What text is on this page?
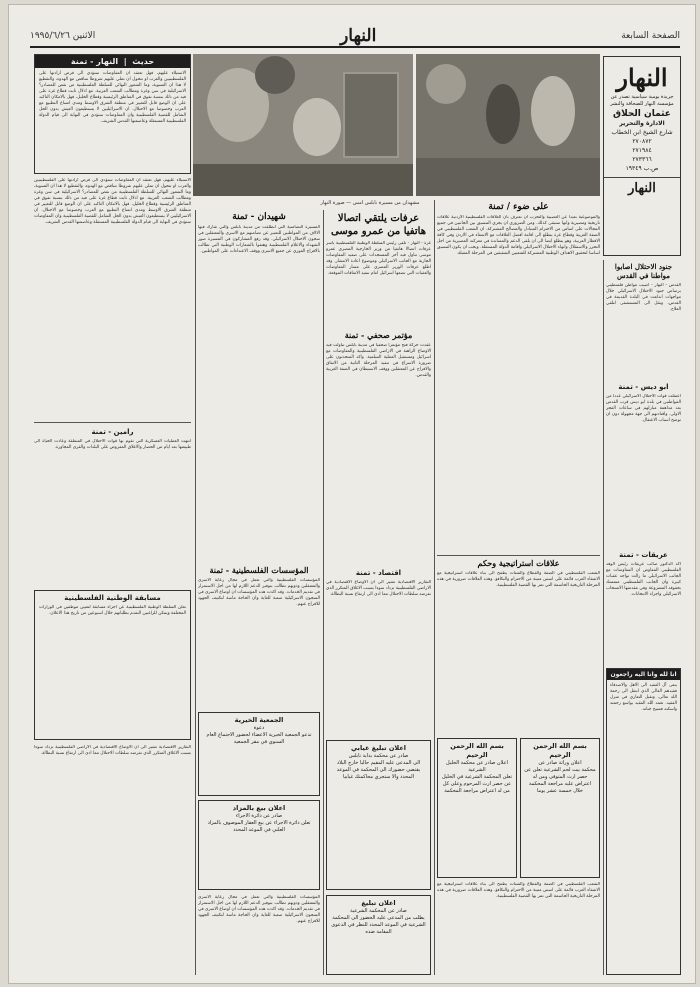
الصفحة السابعة
النهار
الاثنين ١٩٩٥/٦/٢٦
النهار
جريدة يومية سياسية تصدر عن مؤسسة النهار للصحافة والنشر
عثمان الحلاق
الادارة والتحرير
شارع الشيخ ابن الخطاب
٢٧٠٨٧٢
٢٧١٩٨٤
٢٧٣٣٦٦
ص.ب ١٩٣٤٩
النهار
مشهدان من مسيرة نابلس امس — صورة النهار
حديث  |  النهار - تمنة
الاستيلاء عليهم، فهل تعتقد ان المفاوضات ستؤدي الى فرض ارادتها على الفلسطينيين والعرب او تتحول ان تملي عليهم شروطا تتناقض مع الهدوء، والتقطيع لا هذا ان التسوية، وما الشعور النهائي للسلطة الفلسطينية من نقص للمصادر؟ الاسرائيلية في سن وغزة ومطالب الشعب العربية. مع اذلال ثابت قطاع غزة على فيه من ذلك بنسبة تفوق في المناطق الرئيسية وقطاع الخليل، فهل بالامكان التاكيد على ان الوضع قابل للتغيير في منطقة الشرق الاوسط ومدى اتساع التطبيع مع العرب وخصوصا مع الاحتلال. ان الاسرائيليين لا يستطيعون العيش بدون الحل الشامل للقضية الفلسطينية وان المفاوضات ستؤدي في النهاية الى قيام الدولة الفلسطينية المستقلة وعاصمتها القدس الشريف.
الاستيلاء عليهم، فهل تعتقد ان المفاوضات ستؤدي الى فرض ارادتها على الفلسطينيين والعرب او تتحول ان تملي عليهم شروطا تتناقض مع الهدوء، والتقطيع لا هذا ان التسوية، وما الشعور النهائي للسلطة الفلسطينية من نقص للمصادر؟ الاسرائيلية في سن وغزة ومطالب الشعب العربية. مع اذلال ثابت قطاع غزة على فيه من ذلك بنسبة تفوق في المناطق الرئيسية وقطاع الخليل، فهل بالامكان التاكيد على ان الوضع قابل للتغيير في منطقة الشرق الاوسط ومدى اتساع التطبيع مع العرب وخصوصا مع الاحتلال. ان الاسرائيليين لا يستطيعون العيش بدون الحل الشامل للقضية الفلسطينية وان المفاوضات ستؤدي في النهاية الى قيام الدولة الفلسطينية المستقلة وعاصمتها القدس الشريف.
رامين - تمنة
انتهت العمليات العسكرية التي تقوم بها قوات الاحتلال في المنطقة وعادت الحياة الى طبيعتها بعد ايام من الحصار والاغلاق المفروض على البلدات والقرى المجاورة.
مسابقة الوطنية الفلسطينية
تعلن السلطة الوطنية الفلسطينية عن اجراء مسابقة لتعيين موظفين في الوزارات المختلفة ويمكن للراغبين التقدم بطلباتهم خلال اسبوعين من تاريخ هذا الاعلان.
التقارير الاقتصادية تشير الى ان الاوضاع الاقتصادية في الاراضي الفلسطينية تزداد سوءا بسبب الاغلاق المتكرر الذي تفرضه سلطات الاحتلال مما ادى الى ارتفاع نسبة البطالة.
شهيدان - تمنة
المسيرة التضامنية التي انطلقت من مدينة نابلس والتي شارك فيها الالاف من المواطنين للتعبير عن تضامنهم مع الاسرى والمعتقلين في سجون الاحتلال الاسرائيلي. وقد رفع المشاركون في المسيرة صور الشهداء والاعلام الفلسطينية وهتفوا بالشعارات الوطنية التي تطالب بالافراج الفوري عن جميع الاسرى ووقف الاعتداءات على المواطنين.
المؤسسات الفلسطينية - تمنة
المؤسسات الفلسطينية والتي تعمل في مجال رعاية الاسرى والمعتقلين وذويهم تطالب بتوفير الدعم اللازم لها من اجل الاستمرار في تقديم الخدمات. وقد اكدت هذه المؤسسات ان اوضاع الاسرى في السجون الاسرائيلية صعبة للغاية وان الحاجة ماسة لتكثيف الجهود للافراج عنهم.
الجمعية الخيرية
دعوة
تدعو الجمعية الخيرية الاعضاء لحضور الاجتماع العام السنوي في مقر الجمعية
اعلان بيع بالمزاد
صادر عن دائرة الاجراء
تعلن دائرة الاجراء عن بيع العقار الموصوف بالمزاد العلني في الموعد المحدد
المؤسسات الفلسطينية والتي تعمل في مجال رعاية الاسرى والمعتقلين وذويهم تطالب بتوفير الدعم اللازم لها من اجل الاستمرار في تقديم الخدمات. وقد اكدت هذه المؤسسات ان اوضاع الاسرى في السجون الاسرائيلية صعبة للغاية وان الحاجة ماسة لتكثيف الجهود للافراج عنهم.
عرفات يلتقي اتصالا هاتفيا من عمرو موسى
غزة - النهار - تلقى رئيس السلطة الوطنية الفلسطينية ياسر عرفات اتصالا هاتفيا من وزير الخارجية المصري عمرو موسى تناول فيه آخر المستجدات على صعيد المفاوضات الجارية مع الجانب الاسرائيلي وموضوع اعادة الانتشار. وقد اطلع عرفات الوزير المصري على مسار المفاوضات والعقبات التي تضعها اسرائيل امام تنفيذ الاتفاقات الموقعة.
مؤتمر صحفي - تمنة
عقدت حركة فتح مؤتمرا صحفيا في مدينة نابلس تناولت فيه الاوضاع الراهنة في الاراضي الفلسطينية والمفاوضات مع اسرائيل ومستقبل العملية السلمية. واكد المتحدثون على ضرورة الاسراع في تنفيذ المرحلة الثانية من الاتفاق والافراج عن المعتقلين ووقف الاستيطان في الضفة الغربية والقدس.
اقتصاد - تمنة
التقارير الاقتصادية تشير الى ان الاوضاع الاقتصادية في الاراضي الفلسطينية تزداد سوءا بسبب الاغلاق المتكرر الذي تفرضه سلطات الاحتلال مما ادى الى ارتفاع نسبة البطالة.
اعلان تبليغ غيابي
صادر عن محكمة بداية نابلس
الى المدعى عليه المقيم حاليا خارج البلاد يقتضي حضورك الى المحكمة في الموعد المحدد والا ستجري محاكمتك غيابيا
اعلان تبليغ
صادر عن المحكمة الشرعية
يطلب من المدعى عليه الحضور الى المحكمة الشرعية في الموعد المحدد للنظر في الدعوى المقامة ضده
على ضوء / تمنة
والموضوعية بعيدا عن العصبية والتحزب ان نعترف بان العلاقات الفلسطينية الاردنية علاقات تاريخية ومصيرية وانها ستبقى كذلك. ومن الضروري ان يجري التنسيق بين الجانبين في جميع المجالات على اساس من الاحترام المتبادل والمصالح المشتركة. ان الشعب الفلسطيني في الضفة الغربية وقطاع غزة يتطلع الى اقامة افضل العلاقات مع الاشقاء في الاردن وفي كافة الاقطار العربية، وهو يتطلع ايضا الى ان يلقى الدعم والمساندة في معركته المصيرية من اجل التحرر والاستقلال وانهاء الاحتلال الاسرائيلي واقامة الدولة المستقلة. ويجب ان يكون التنسيق اساسا لتحقيق الاهداف الوطنية المشتركة للشعبين الشقيقين في المرحلة المقبلة.
علاقات استراتيجية وحكم
الشعب الفلسطيني في الضفة والقطاع والشتات يطمح الى بناء علاقات استراتيجية مع الاشقاء العرب قائمة على اسس متينة من الاحترام والتكافؤ. وهذه العلاقات ضرورية في هذه المرحلة التاريخية الحاسمة التي تمر بها القضية الفلسطينية.
بسم الله الرحمن الرحيم
اعلان صادر عن محكمة الخليل الشرعية
تعلن المحكمة الشرعية في الخليل عن حصر ارث المرحوم وعلى كل من له اعتراض مراجعة المحكمة
بسم الله الرحمن الرحيم
اعلان وراثة صادر عن
محكمة بيت لحم الشرعية تعلن عن حصر ارث المتوفى ومن له اعتراض عليه مراجعة المحكمة خلال خمسة عشر يوما
الشعب الفلسطيني في الضفة والقطاع والشتات يطمح الى بناء علاقات استراتيجية مع الاشقاء العرب قائمة على اسس متينة من الاحترام والتكافؤ. وهذه العلاقات ضرورية في هذه المرحلة التاريخية الحاسمة التي تمر بها القضية الفلسطينية.
جنود الاحتلال اصابوا مواطنا في القدس
القدس - النهار - اصيب مواطن فلسطيني برصاص جنود الاحتلال الاسرائيلي خلال مواجهات اندلعت في البلدة القديمة في القدس، ونقل الى المستشفى لتلقي العلاج.
ابو ديس - تمنة
اعتقلت قوات الاحتلال الاسرائيلي عددا من المواطنين في بلدة ابو ديس قرب القدس بعد مداهمة منازلهم في ساعات الفجر الاولى. واقتادتهم الى جهة مجهولة دون ان توضح اسباب الاعتقال.
عريقات - تمنة
اكد الدكتور صائب عريقات رئيس الوفد الفلسطيني المفاوض ان المفاوضات مع الجانب الاسرائيلي ما زالت تواجه عقبات كبيرة وان الجانب الفلسطيني متمسك بحقوقه المشروعة وفي مقدمتها الانسحاب الاسرائيلي واجراء الانتخابات.
انا لله وانا اليه راجعون
ينعى آل الفقيد الى الاهل والاصدقاء فقيدهم الغالي الذي انتقل الى رحمة الله تعالى، وتقبل التعازي في منزل الفقيد. تغمد الله الفقيد بواسع رحمته واسكنه فسيح جناته.
